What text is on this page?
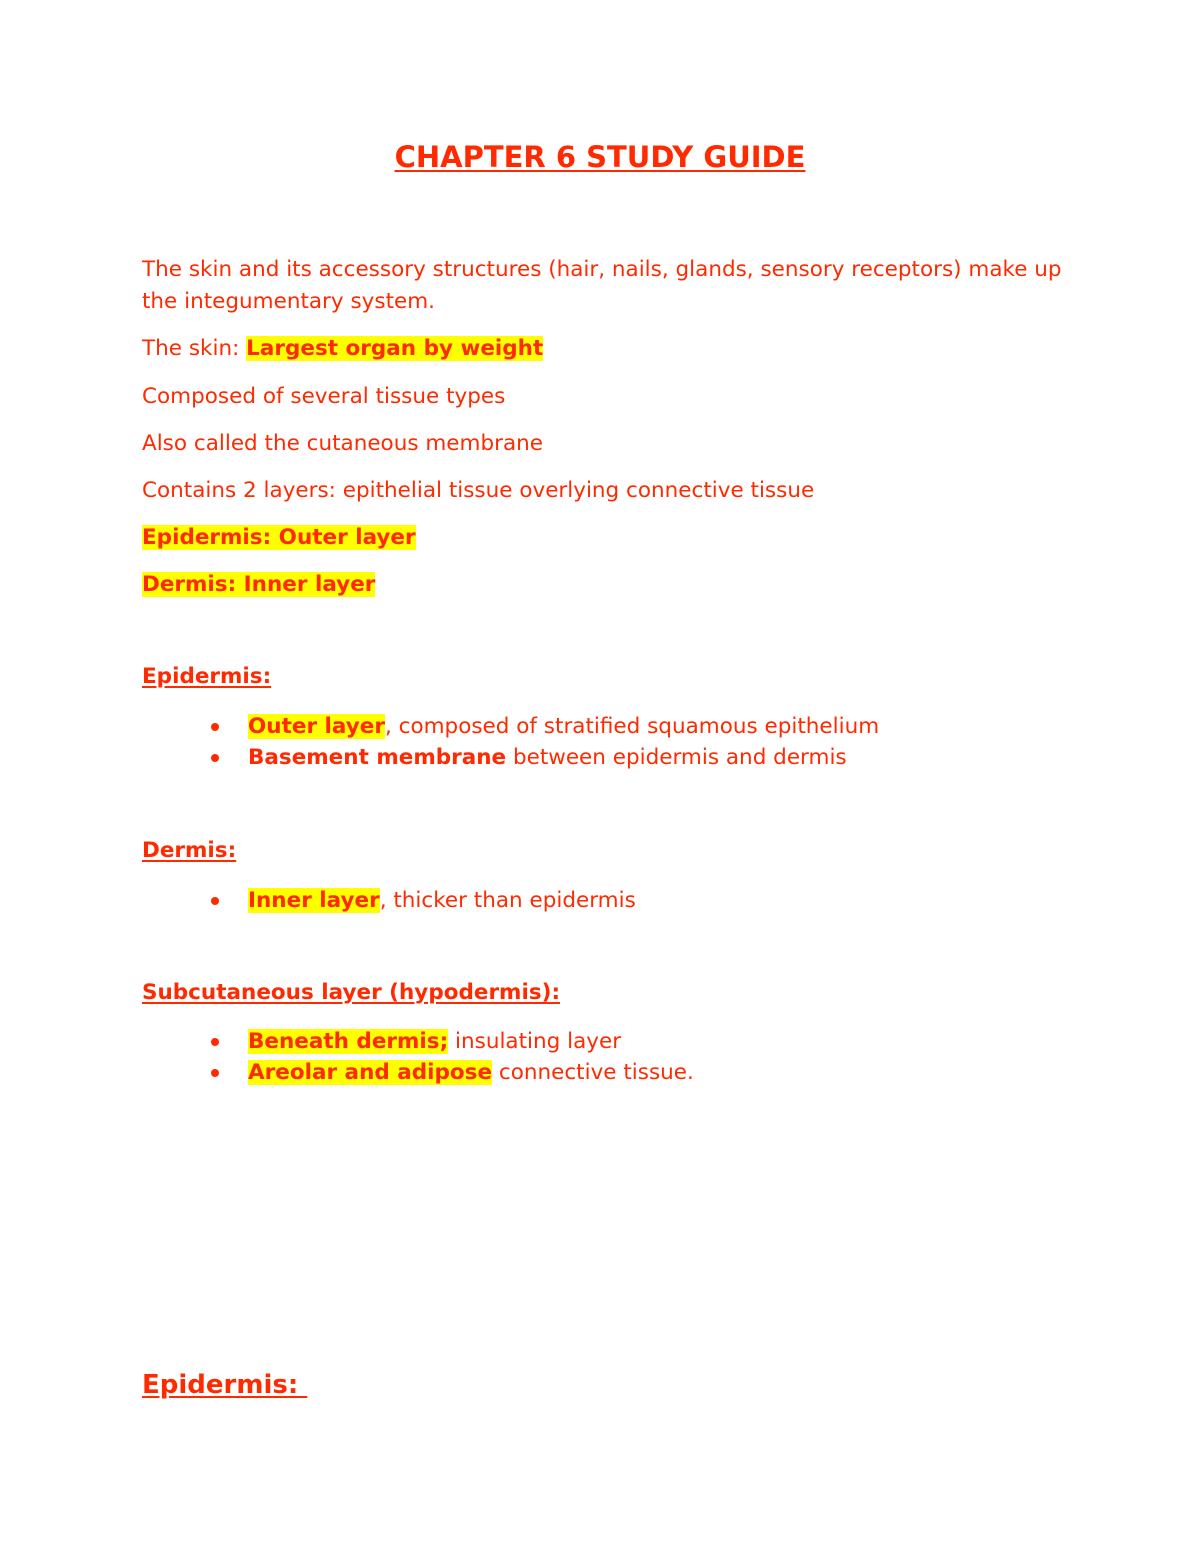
CHAPTER 6 STUDY GUIDE

The skin and its accessory structures (hair, nails, glands, sensory receptors) make up the integumentary system.

The skin: Largest organ by weight

Composed of several tissue types

Also called the cutaneous membrane

Contains 2 layers: epithelial tissue overlying connective tissue

Epidermis: Outer layer

Dermis: Inner layer

Epidermis:
Outer layer, composed of stratified squamous epithelium
Basement membrane between epidermis and dermis
Dermis:
Inner layer, thicker than epidermis
Subcutaneous layer (hypodermis):
Beneath dermis; insulating layer
Areolar and adipose connective tissue.
Epidermis:
